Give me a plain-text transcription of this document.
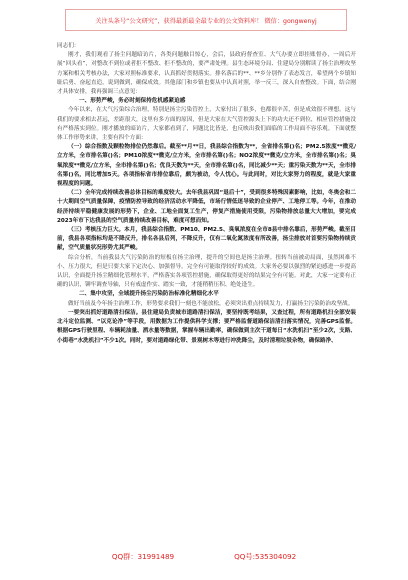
关注头条号“公文研究”，获得最新最全最专业的公文资料库！ 微信：gongwenyj

同志们：

刚才，我们观看了扬尘问题暗访片，各类问题触目惊心，会后，县政府督查室、大气办要立即挂账督办，一周后开展“回头看”，对整改不到位或者拒不整改、拒不整改的，要严肃处理。县生态环境分局、住建局分别解读了扬尘治理攻坚方案和相关考核办法，大家对照标准要求，认真抓好贯彻落实。排名落后的**、**乡分别作了表态发言，希望两个乡镇知耻后勇、奋起直追，说到做到，确保成效。其他部门和乡镇也要从中认真对照，举一反三，深入自查整改。下面，结合刚才具体安排，我再强调三点意见：

一、形势严峻，务必时刻保持危机感紧迫感

今年以来，在大气污染综合治理，特别是扬尘污染管控上，大家付出了很多，也都很辛苦，但是成效很不理想。这与我们的要求相去甚远，差距很大，这里有多方面的原因，但是大家在大气管控源头上下的功夫还不到位，相应管控措施没有严格落实到位。刚才播放的暗访片，大家都看到了，问题比比皆是，也反映出我们面临的工作局面不容乐观。下面就整体工作形势来讲，主要有四个方面：

（一）综合指数及颗粒物排位仍然靠后。截至**月**日，我县综合指数为**，全省排名第()名；PM2.5浓度**微克/立方米，全市排名第()名；PM10浓度**微克/立方米，全市排名第()名；NO2浓度**微克/立方米，全市排名第()名；臭氧浓度**微克/立方米，全市排名第()名；优良天数为**天，全市排名第()名，同比减少**天；重污染天数为**天，全市排名第()名，同比增加5天。各项指标省市排位靠后，颇为被动，令人忧心。与此同时，对比大家努力的程度，就是大家重视程度的问题。

（二）全年完成持续改善总体目标的难度较大。去年我县巩固“退后十”，受到很多特殊因素影响，比如，冬奥会和二十大期间空气质量保障，疫情防控导致的经济活动水平降低，市场行情低迷导致的企业停产、工地停工等。今年，在推动经济持续平稳健康发展的形势下，企业、工地全面复工生产，停复产措施使用受限，污染物排放总量大大增加，要完成2023年市下达我县的空气质量持续改善目标，难度可想而知。

（三）考核压力巨大。本月，我县综合指数、PM10、PM2.5、臭氧浓度在全市8县中排名靠后，形势严峻。截至目前，我县各项指标均是不降反升，排名各县后列，不降反升，仅有二氧化氮浓度有所改善，扬尘排放对首要污染物持续贡献，空气质量状况形势尤其严峻。

综合分析，当前我县大气污染防治的短板在扬尘治理，提升的空间也是扬尘治理。扭转当前被动局面，虽然困难不小、压力很大，但是只要大家下定决心、加强督导，完全有可能取得较好的成效。大家务必要以强烈的紧迫感进一步提高认识，全面提升扬尘精细化管理水平，严格落实各项管控措施，确保取得更好的结果完全有可能。对此，大家一定要有正确的认识，铆牢调查导轴，只有戒虚作实、踏实一致，才能稍稍压积、绝处逢生。

二、集中攻坚，全域提升扬尘污染防治标准化精细化水平

做好当前及今年扬尘治理工作，形势要求我们一刻也不能放松，必须突出重点持续发力，打赢扬尘污染防治攻坚战。

一要突出抓好道路清扫保洁。县住建局负责城市道路清扫保洁，要坚持既考结果，又查过程，所有道路机扫全部安装北斗定位监测、“以克论净”等手段，用数据为工作提供科学支撑；要严格监督道路保洁清扫落实情况，完善GPS监督。根据GPS行驶里程、车辆耗油量、洒水量等数据，掌握车辆出勤率，确保做到主次干道每日“水洗机扫”至少2次，支路、小街巷“水洗机扫”不少1次。同时，要对道路绿化带、景观树木等进行冲洗降尘，及时清理垃圾杂物，确保路净、

QQ群：31991489	QQ号:535304092
